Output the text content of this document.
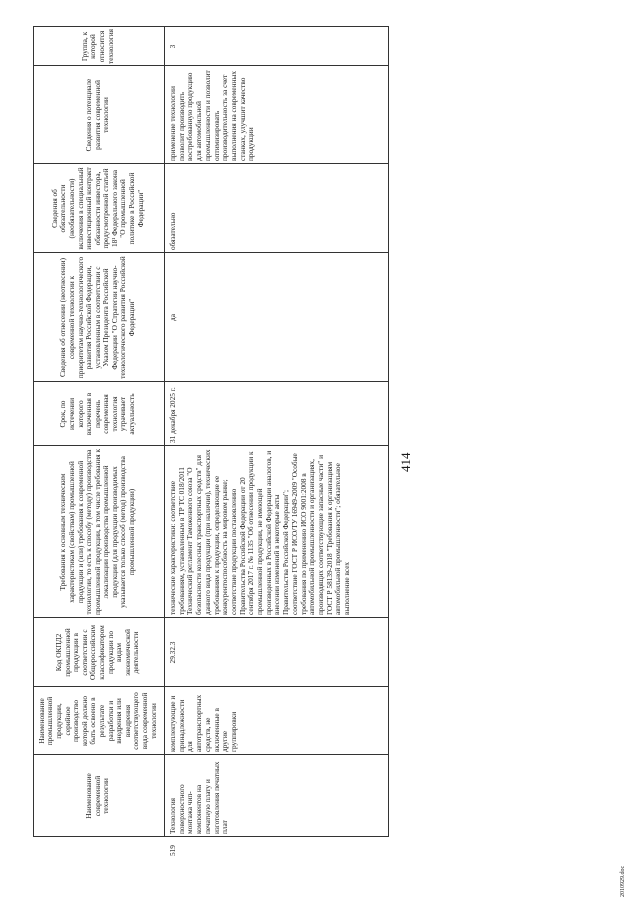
Наименование современной технологии
Наименование промышленной продукции, серийное производство которой должно быть освоено в результате разработки и внедрения или внедрения соответствующего вида современной технологии
Код ОКПД2 промышленной продукции в соответствии с Общероссийским классификатором продукции по видам экономической деятельности
Требования к основным техническим характеристикам (свойствам) промышленной продукции и (или) требования к современной технологии, то есть к способу (методу) производства промышленной продукции, в том числе требования к локализации производства промышленной продукции (для продукции производимых указывается только способ (метод) производства промышленной продукции)
Срок, по истечении которого включенная в перечень современная технология утрачивает актуальность
Сведения об отнесении (неотнесении) современной технологии к приоритетам научно-технологического развития Российской Федерации, установленным в соответствии с Указом Президента Российской Федерации "О Стратегии научно-технологического развития Российской Федерации"
Сведения об обязательности (необязательности) включения в специальный инвестиционный контракт обязанности инвестора, предусмотренной статьей 18¹ Федерального закона "О промышленной политике в Российской Федерации"
Сведения о потенциале развития современной технологии
Группа, к которой относится технология
519
Технология поверхностного монтажа чип-компонентов на печатную плату и изготовления печатных плат
комплектующие и принадлежности для автотранспортных средств, не включенные в другие группировки
29.32.3
технические характеристики: соответствие требованиям, установленным в ТР ТС 018/2011 Технический регламент Таможенного союза "О безопасности колесных транспортных средств" для данного вида продукции (при наличии), технических требованиям к продукции, определяющие ее конкурентоспособность на мировом рынке; соответствие продукции постановлению Правительства Российской Федерации от 20 сентября 2017 г. № 1135 "Об отнесении продукции к промышленной продукции, не имеющей произведенных в Российской Федерации аналогов, и внесении изменений в некоторые акты Правительства Российской Федерации"; соответствие ГОСТ Р ИСО/ТУ 16949-2009 "Особые требования по применению ИСО 9001:2008 в автомобильной промышленности и организациях, производящих соответствующие запасные части" и ГОСТ Р 58139-2018 "Требования к организациям автомобильной промышленности"; обязательное выполнение всех
31 декабря 2025 г.
да
обязательно
применение технологии позволит производить востребованную продукцию для автомобильной промышленности и позволит оптимизировать производительность за счет выполнения на современных станках, улучшит качество продукции
3
414
2010929.doc
